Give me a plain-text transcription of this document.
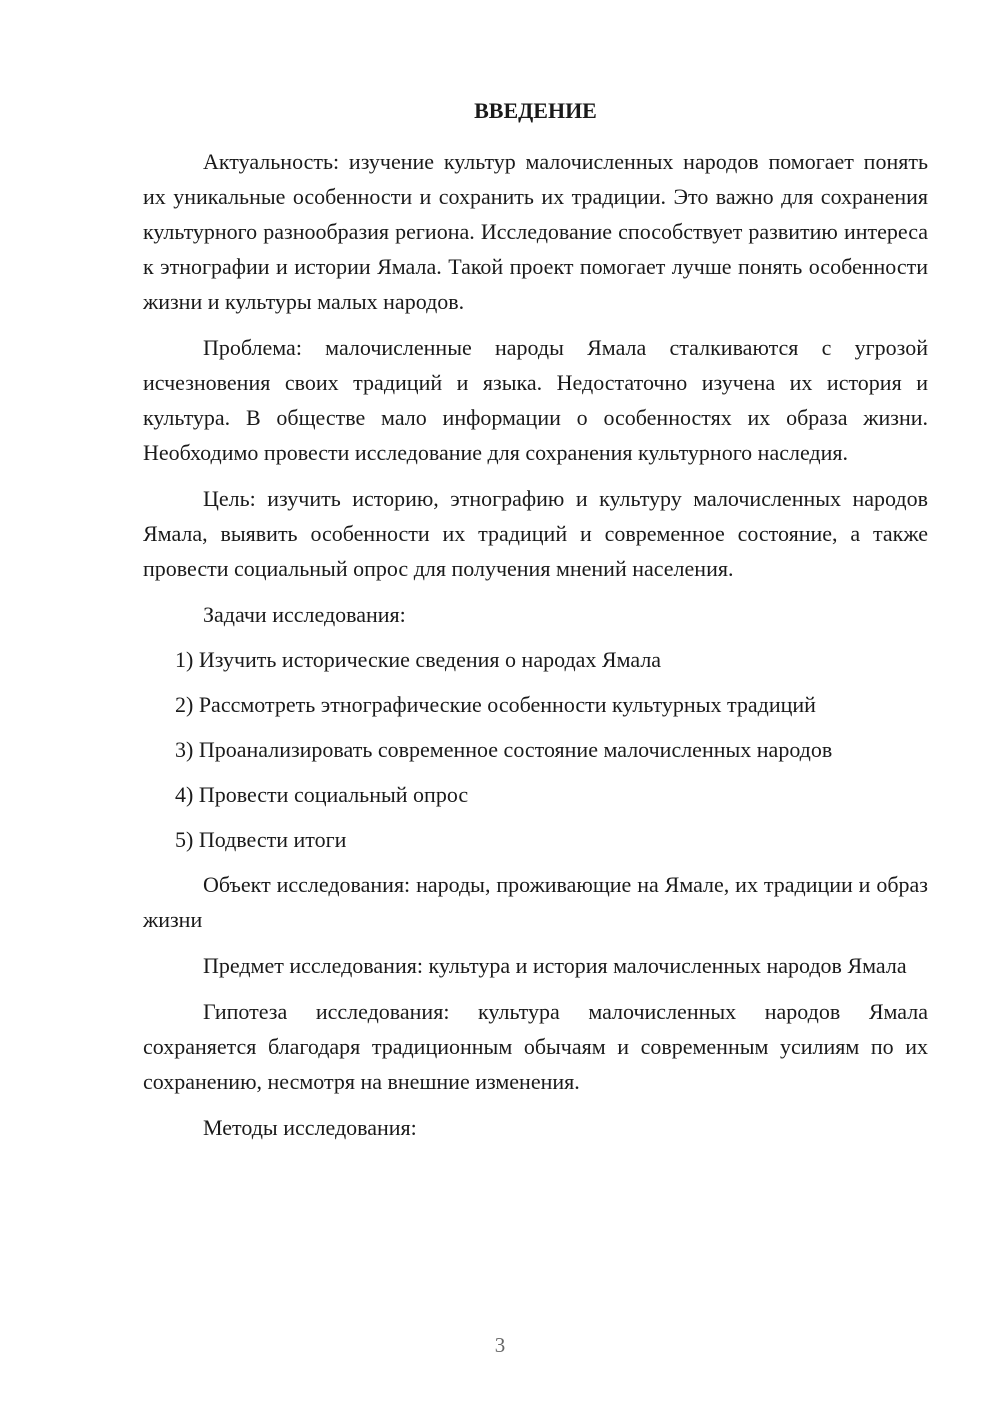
ВВЕДЕНИЕ

Актуальность: изучение культур малочисленных народов помогает понять их уникальные особенности и сохранить их традиции. Это важно для сохранения культурного разнообразия региона. Исследование способствует развитию интереса к этнографии и истории Ямала. Такой проект помогает лучше понять особенности жизни и культуры малых народов.

Проблема: малочисленные народы Ямала сталкиваются с угрозой исчезновения своих традиций и языка. Недостаточно изучена их история и культура. В обществе мало информации о особенностях их образа жизни. Необходимо провести исследование для сохранения культурного наследия.

Цель: изучить историю, этнографию и культуру малочисленных народов Ямала, выявить особенности их традиций и современное состояние, а также провести социальный опрос для получения мнений населения.

Задачи исследования:

1) Изучить исторические сведения о народах Ямала
2) Рассмотреть этнографические особенности культурных традиций
3) Проанализировать современное состояние малочисленных народов
4) Провести социальный опрос
5) Подвести итоги

Объект исследования: народы, проживающие на Ямале, их традиции и образ жизни

Предмет исследования: культура и история малочисленных народов Ямала

Гипотеза исследования: культура малочисленных народов Ямала сохраняется благодаря традиционным обычаям и современным усилиям по их сохранению, несмотря на внешние изменения.

Методы исследования:

3
